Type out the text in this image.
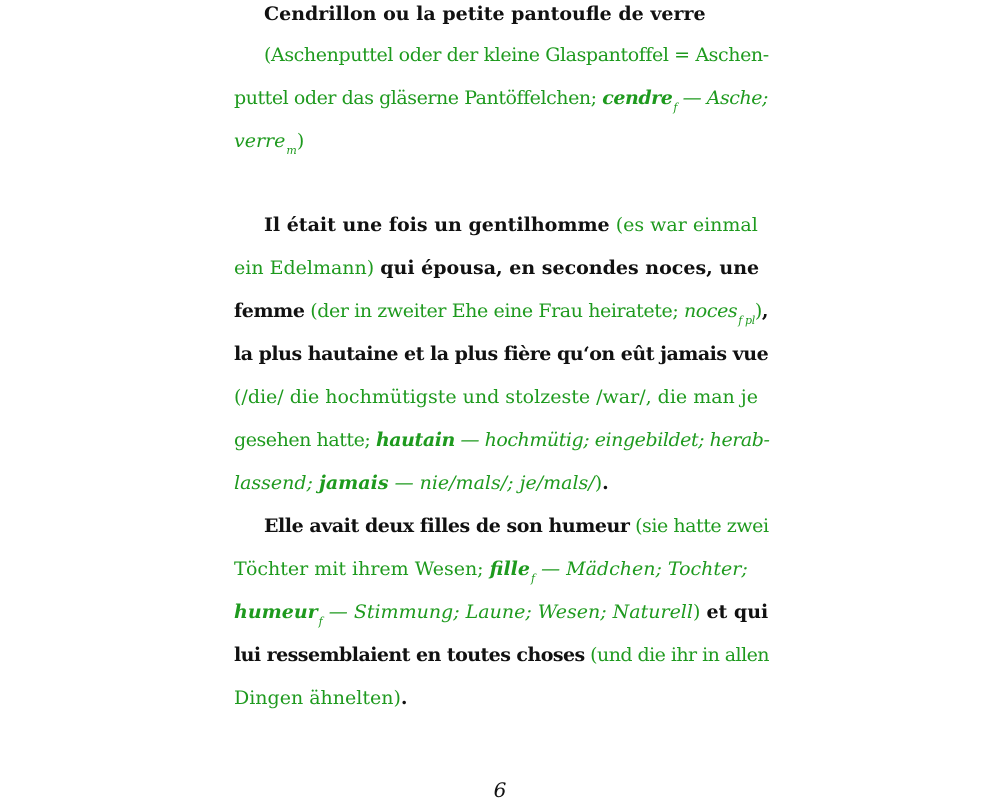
Cendrillon ou la petite pantoufle de verre
(Aschenputtel oder der kleine Glaspantoffel = Aschen-
puttel oder das gläserne Pantöffelchen; cendre$_f$ — Asche;
verre$_m$)
Il était une fois un gentilhomme (es war einmal
ein Edelmann) qui épousa, en secondes noces, une
femme (der in zweiter Ehe eine Frau heiratete; noces$_{f pl}$),
la plus hautaine et la plus fière qu‘on eût jamais vue
(/die/ die hochmütigste und stolzeste /war/, die man je
gesehen hatte; hautain — hochmütig; eingebildet; herab-
lassend; jamais — nie/mals/; je/mals/).
Elle avait deux filles de son humeur (sie hatte zwei
Töchter mit ihrem Wesen; fille$_f$ — Mädchen; Tochter;
humeur$_f$ — Stimmung; Laune; Wesen; Naturell) et qui
lui ressemblaient en toutes choses (und die ihr in allen
Dingen ähnelten).
6
